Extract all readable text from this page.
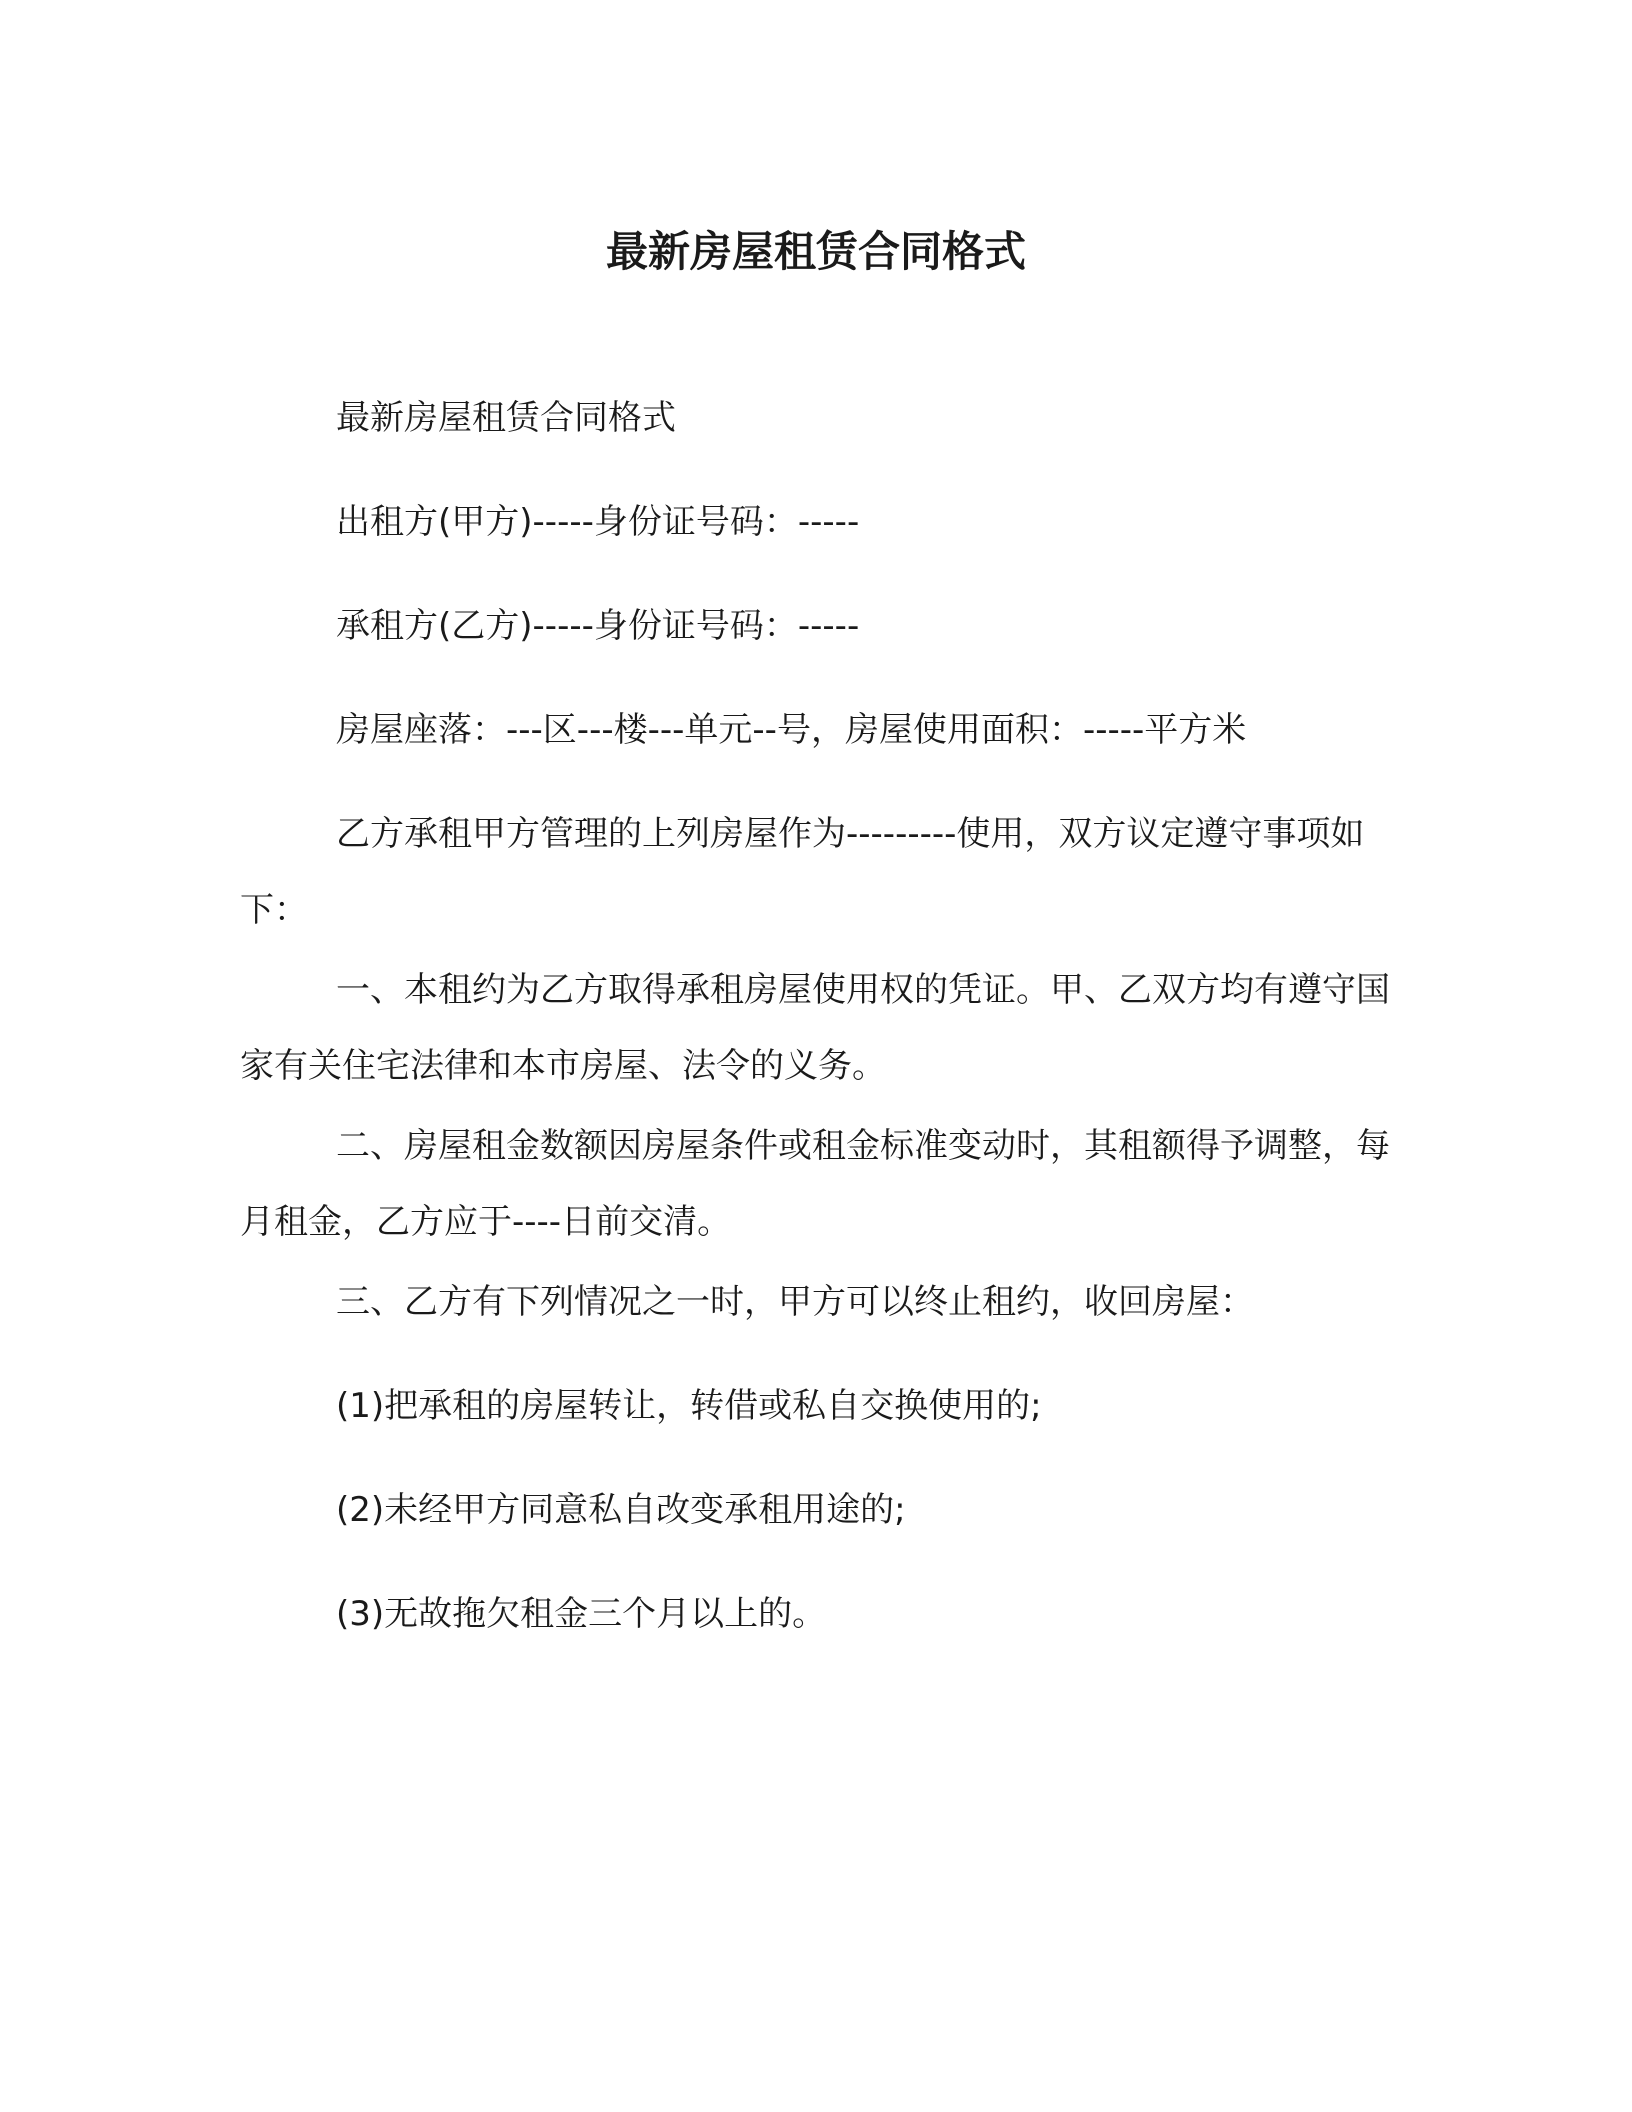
最新房屋租赁合同格式

最新房屋租赁合同格式

出租方(甲方)-----身份证号码：-----

承租方(乙方)-----身份证号码：-----

房屋座落：---区---楼---单元--号，房屋使用面积：-----平方米

乙方承租甲方管理的上列房屋作为---------使用，双方议定遵守事项如下：

一、本租约为乙方取得承租房屋使用权的凭证。甲、乙双方均有遵守国家有关住宅法律和本市房屋、法令的义务。

二、房屋租金数额因房屋条件或租金标准变动时，其租额得予调整，每月租金，乙方应于----日前交清。

三、乙方有下列情况之一时，甲方可以终止租约，收回房屋：

(1)把承租的房屋转让，转借或私自交换使用的;

(2)未经甲方同意私自改变承租用途的;

(3)无故拖欠租金三个月以上的。
